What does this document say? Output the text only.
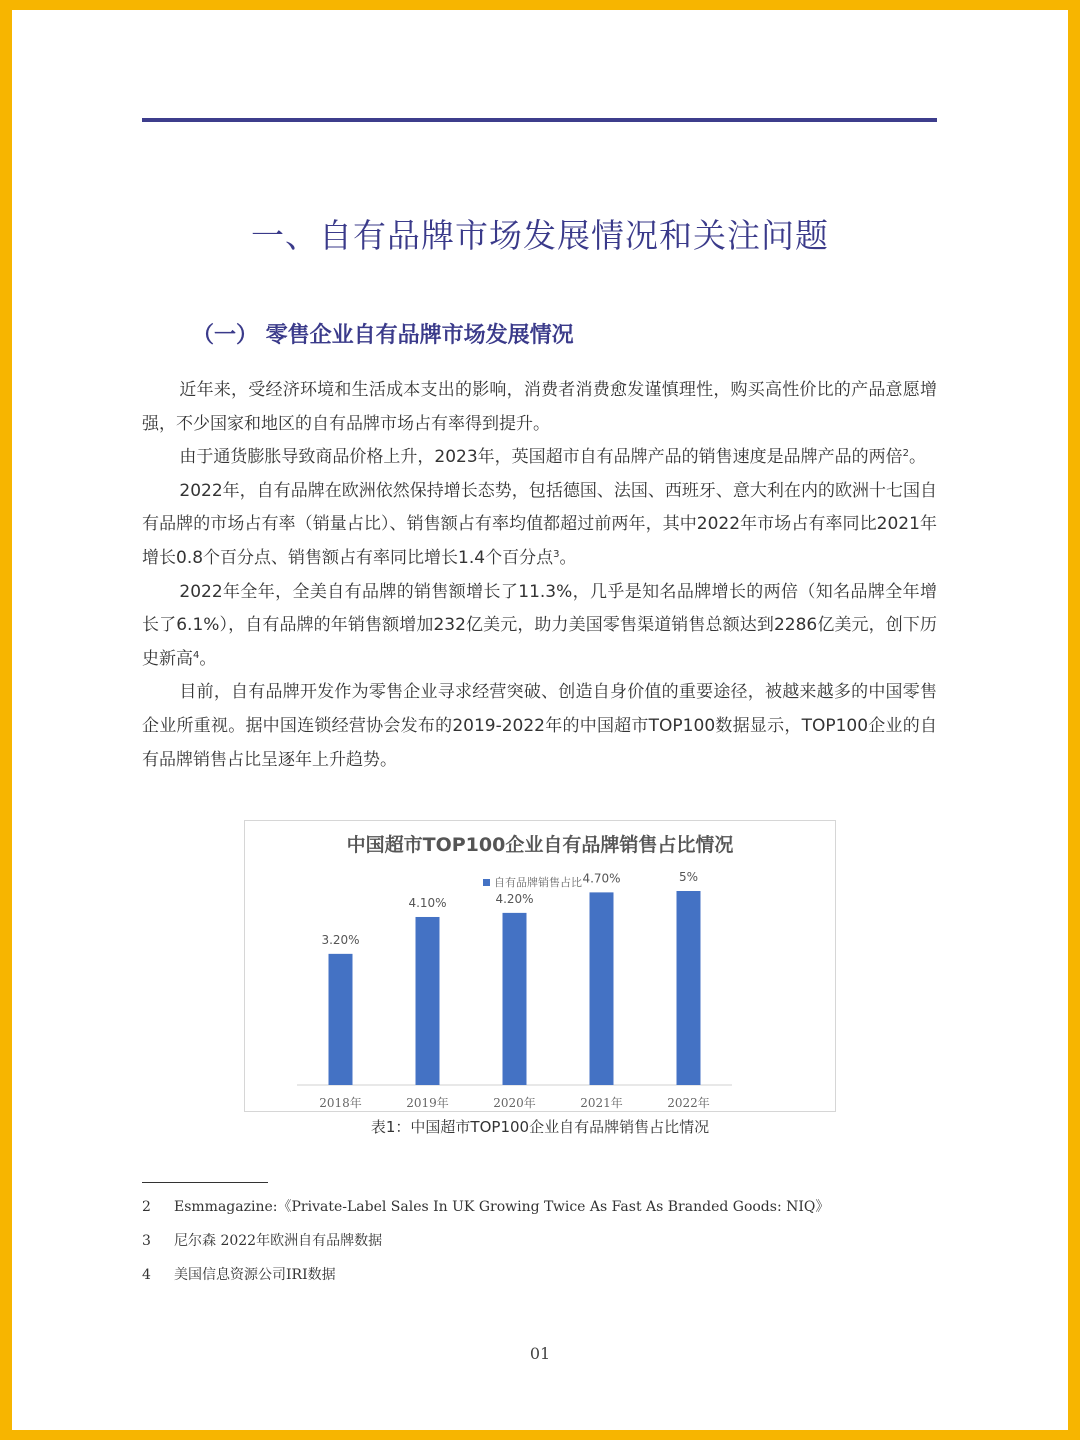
一、自有品牌市场发展情况和关注问题
（一） 零售企业自有品牌市场发展情况

近年来，受经济环境和生活成本支出的影响，消费者消费愈发谨慎理性，购买高性价比的产品意愿增强，不少国家和地区的自有品牌市场占有率得到提升。

由于通货膨胀导致商品价格上升，2023年，英国超市自有品牌产品的销售速度是品牌产品的两倍$^2$。

2022年，自有品牌在欧洲依然保持增长态势，包括德国、法国、西班牙、意大利在内的欧洲十七国自有品牌的市场占有率（销量占比）、销售额占有率均值都超过前两年，其中2022年市场占有率同比2021年增长0.8个百分点、销售额占有率同比增长1.4个百分点$^3$。

2022年全年，全美自有品牌的销售额增长了11.3%，几乎是知名品牌增长的两倍（知名品牌全年增长了6.1%），自有品牌的年销售额增加232亿美元，助力美国零售渠道销售总额达到2286亿美元，创下历史新高$^4$。

目前，自有品牌开发作为零售企业寻求经营突破、创造自身价值的重要途径，被越来越多的中国零售企业所重视。据中国连锁经营协会发布的2019-2022年的中国超市TOP100数据显示，TOP100企业的自有品牌销售占比呈逐年上升趋势。

中国超市TOP100企业自有品牌销售占比情况
自有品牌销售占比
3.20%
2018年
4.10%
2019年
4.20%
2020年
4.70%
2021年
5%
2022年
表1：中国超市TOP100企业自有品牌销售占比情况
2 Esmmagazine:《Private-Label Sales In UK Growing Twice As Fast As Branded Goods: NIQ》
3 尼尔森 2022年欧洲自有品牌数据
4 美国信息资源公司IRI数据
01
